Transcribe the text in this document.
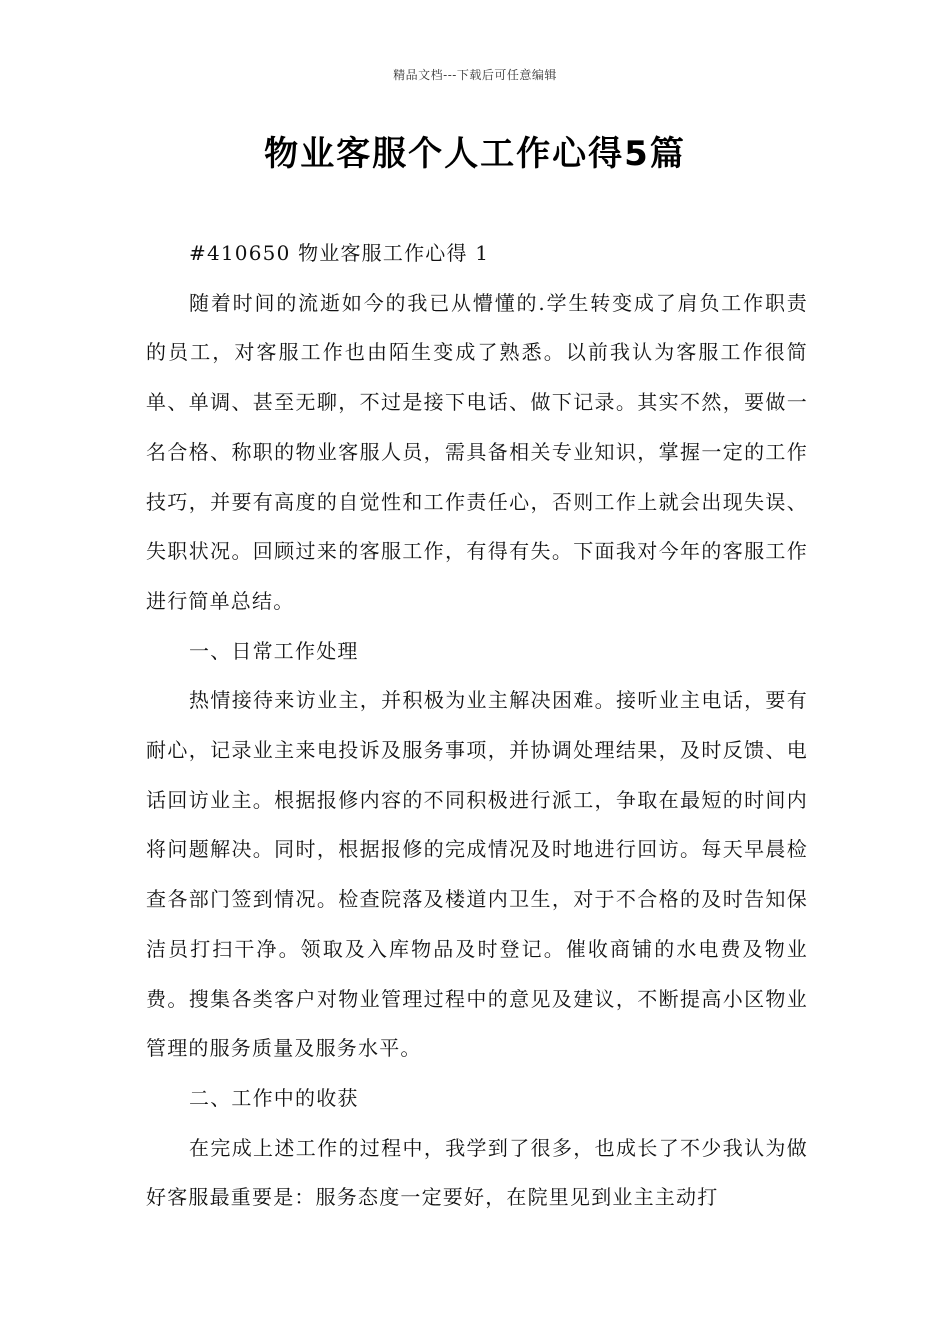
精品文档---下载后可任意编辑
物业客服个人工作心得5篇

#410650 物业客服工作心得 1

随着时间的流逝如今的我已从懵懂的.学生转变成了肩负工作职责的员工，对客服工作也由陌生变成了熟悉。以前我认为客服工作很简单、单调、甚至无聊，不过是接下电话、做下记录。其实不然，要做一名合格、称职的物业客服人员，需具备相关专业知识，掌握一定的工作技巧，并要有高度的自觉性和工作责任心，否则工作上就会出现失误、失职状况。回顾过来的客服工作，有得有失。下面我对今年的客服工作进行简单总结。

一、日常工作处理

热情接待来访业主，并积极为业主解决困难。接听业主电话，要有耐心，记录业主来电投诉及服务事项，并协调处理结果，及时反馈、电话回访业主。根据报修内容的不同积极进行派工，争取在最短的时间内将问题解决。同时，根据报修的完成情况及时地进行回访。每天早晨检查各部门签到情况。检查院落及楼道内卫生，对于不合格的及时告知保洁员打扫干净。领取及入库物品及时登记。催收商铺的水电费及物业费。搜集各类客户对物业管理过程中的意见及建议，不断提高小区物业管理的服务质量及服务水平。

二、工作中的收获

在完成上述工作的过程中，我学到了很多，也成长了不少我认为做好客服最重要是：服务态度一定要好，在院里见到业主主动打
